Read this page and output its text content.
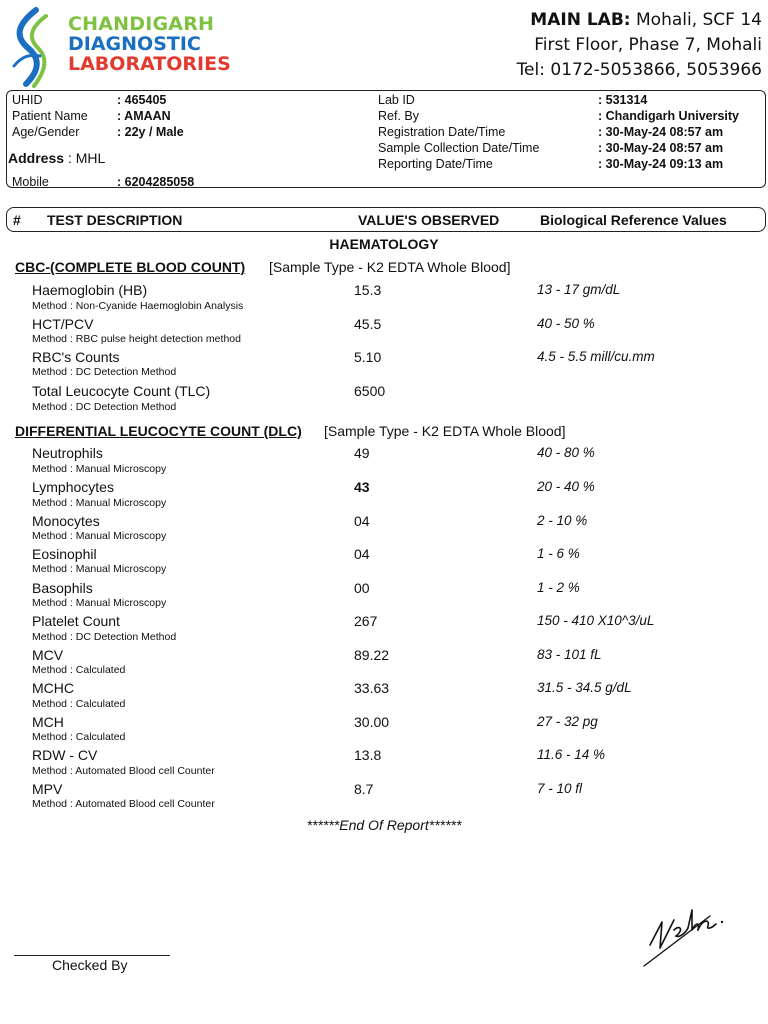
CHANDIGARH
DIAGNOSTIC
LABORATORIES
MAIN LAB: Mohali, SCF 14
First Floor, Phase 7, Mohali
Tel: 0172-5053866, 5053966
UHID	: 465405
Patient Name : AMAAN
Age/Gender	: 22y / Male
Address : MHL
Mobile	: 6204285058
Lab ID	: 531314
Ref. By	: Chandigarh University
Registration Date/Time	: 30-May-24 08:57 am
Sample Collection Date/Time	: 30-May-24 08:57 am
Reporting Date/Time	: 30-May-24 09:13 am
# TEST DESCRIPTION	VALUE'S OBSERVED	Biological Reference Values
HAEMATOLOGY
CBC-(COMPLETE BLOOD COUNT) [Sample Type - K2 EDTA Whole Blood]
Haemoglobin (HB)	15.3	13 - 17 gm/dL
Method : Non-Cyanide Haemoglobin Analysis
HCT/PCV	45.5	40 - 50 %
Method : RBC pulse height detection method
RBC's Counts	5.10	4.5 - 5.5 mill/cu.mm
Method : DC Detection Method
Total Leucocyte Count (TLC)	6500
Method : DC Detection Method
DIFFERENTIAL LEUCOCYTE COUNT (DLC) [Sample Type - K2 EDTA Whole Blood]
Neutrophils	49	40 - 80 %
Method : Manual Microscopy
Lymphocytes	43	20 - 40 %
Method : Manual Microscopy
Monocytes	04	2 - 10 %
Method : Manual Microscopy
Eosinophil	04	1 - 6 %
Method : Manual Microscopy
Basophils	00	1 - 2 %
Method : Manual Microscopy
Platelet Count	267	150 - 410 X10^3/uL
Method : DC Detection Method
MCV	89.22	83 - 101 fL
Method : Calculated
MCHC	33.63	31.5 - 34.5 g/dL
Method : Calculated
MCH	30.00	27 - 32 pg
Method : Calculated
RDW - CV	13.8	11.6 - 14 %
Method : Automated Blood cell Counter
MPV	8.7	7 - 10 fl
Method : Automated Blood cell Counter
******End Of Report******
Checked By
